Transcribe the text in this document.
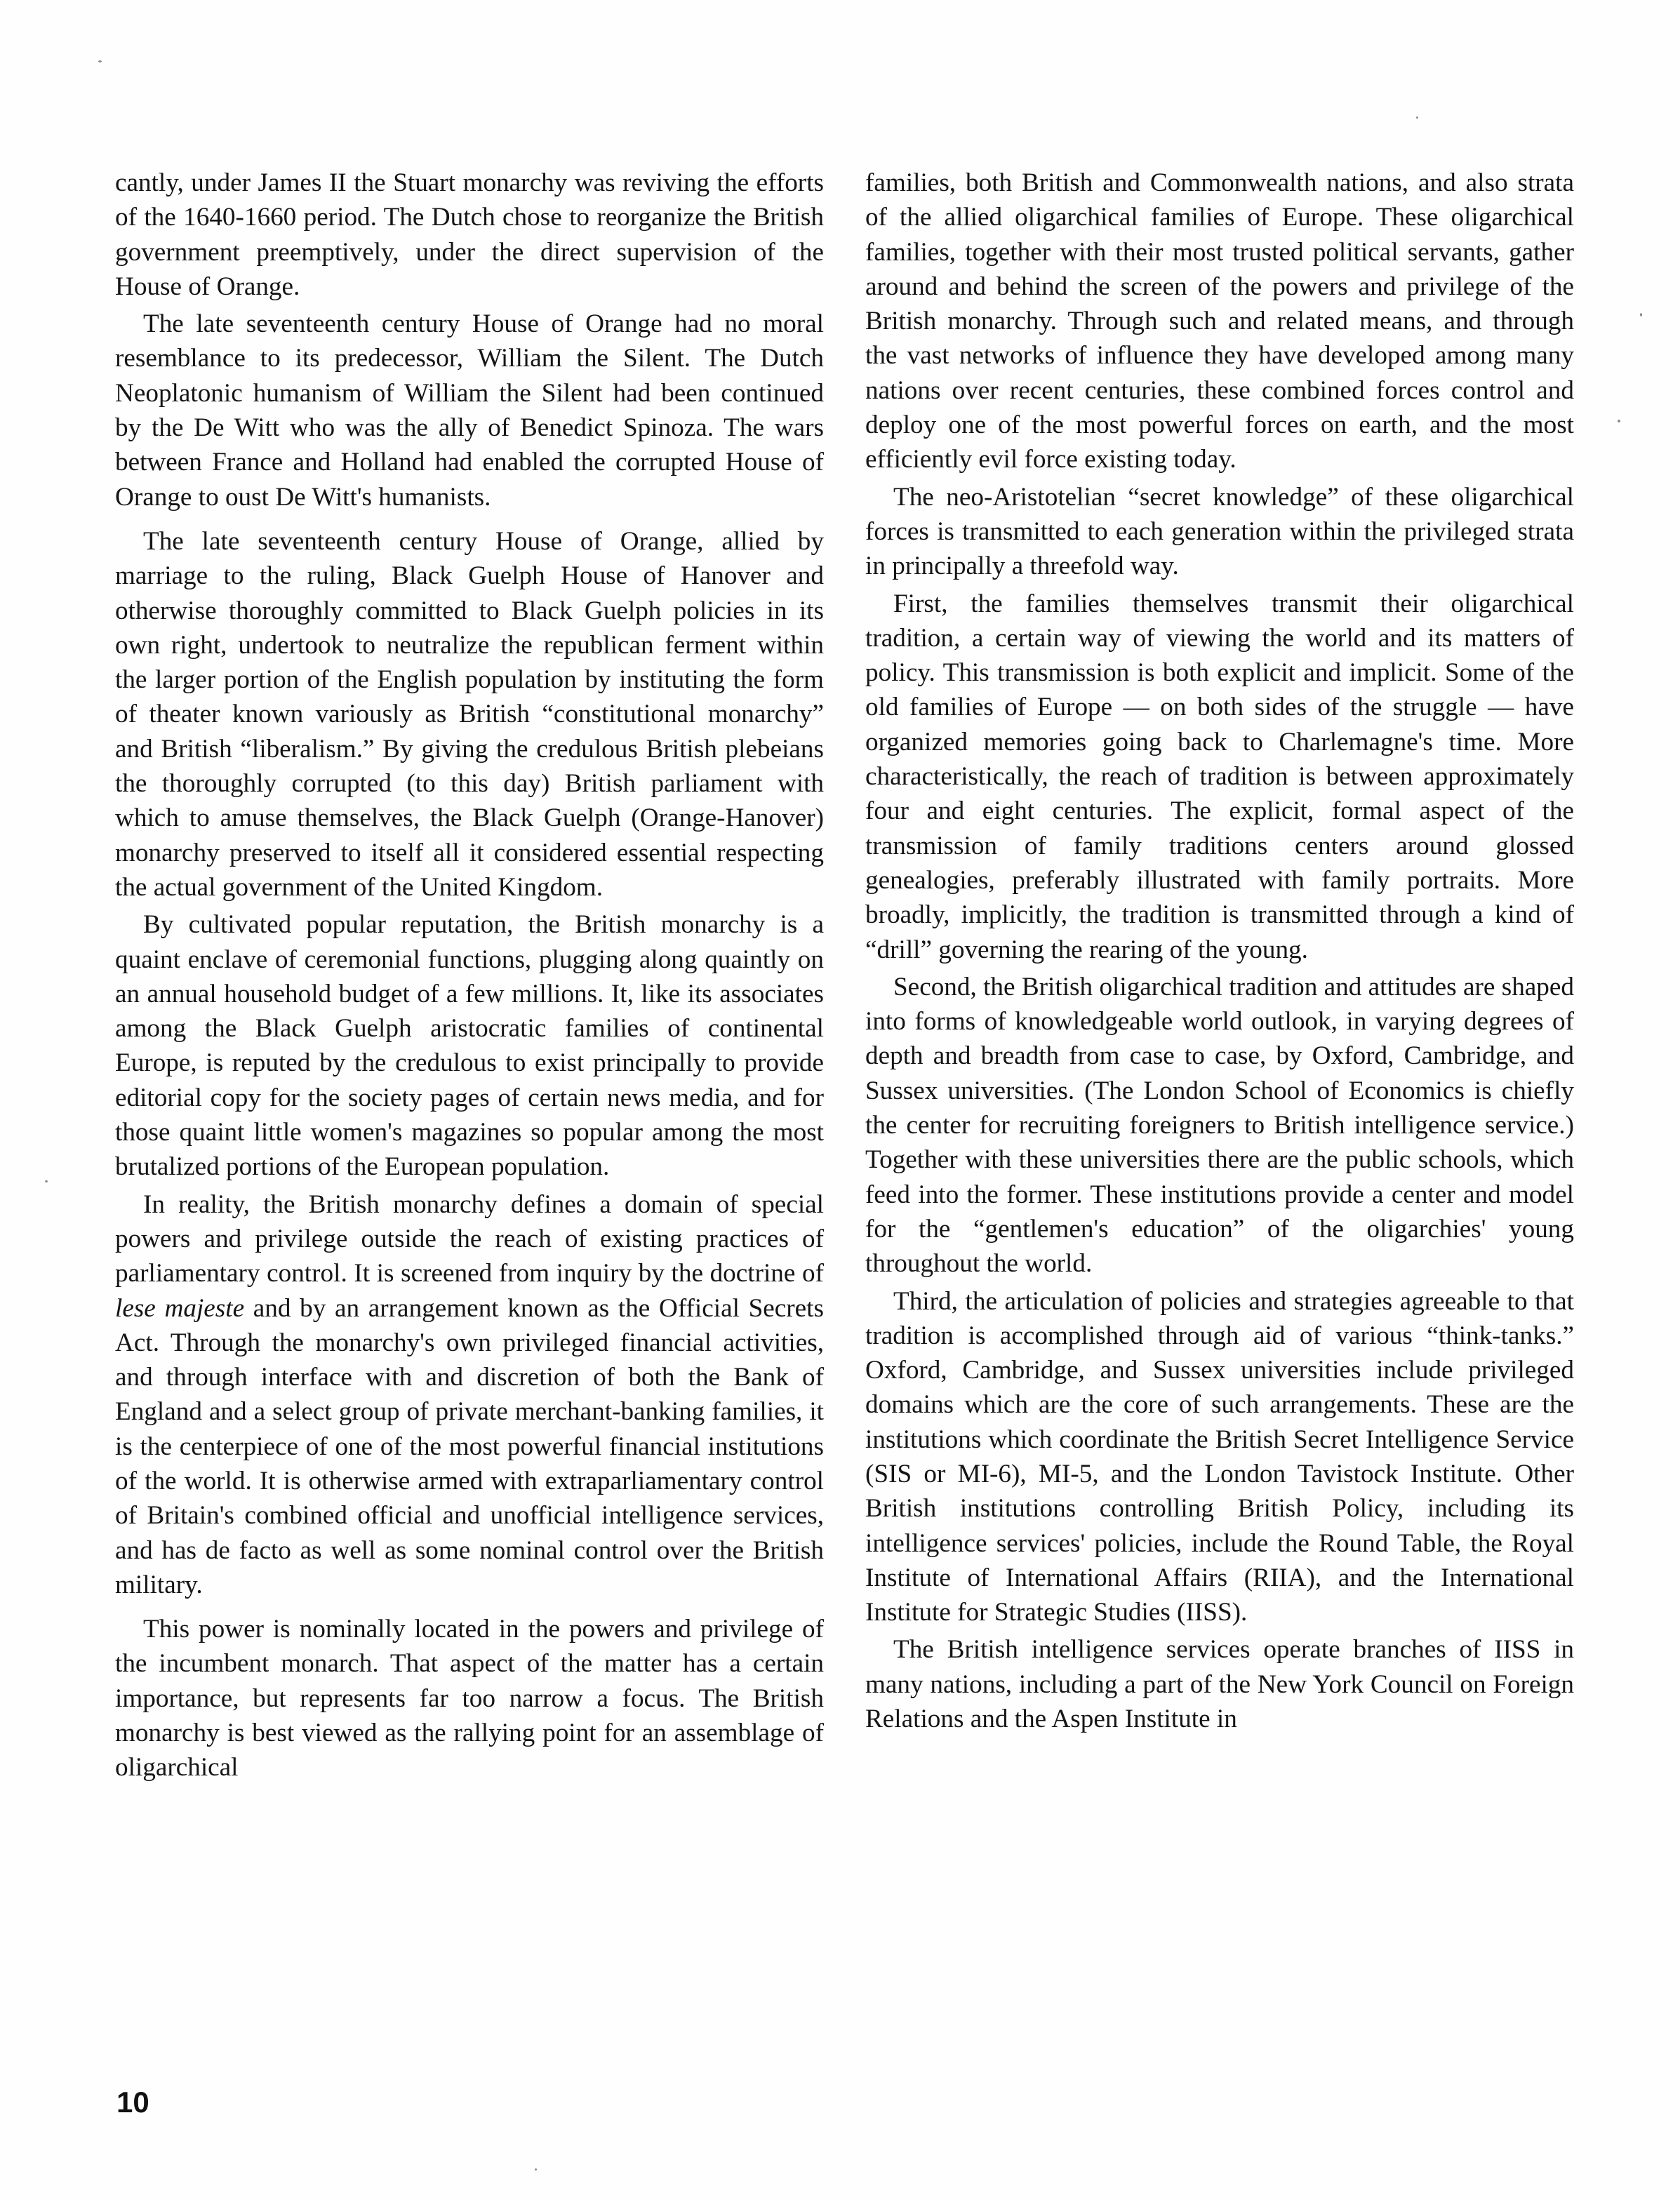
cantly, under James II the Stuart monarchy was reviving the efforts of the 1640-1660 period. The Dutch chose to reorganize the British government preemptively, under the direct supervision of the House of Orange.

The late seventeenth century House of Orange had no moral resemblance to its predecessor, William the Silent. The Dutch Neoplatonic humanism of William the Silent had been continued by the De Witt who was the ally of Benedict Spinoza. The wars between France and Holland had enabled the corrupted House of Orange to oust De Witt's humanists.

The late seventeenth century House of Orange, allied by marriage to the ruling, Black Guelph House of Hanover and otherwise thoroughly committed to Black Guelph policies in its own right, undertook to neutralize the republican ferment within the larger portion of the English population by instituting the form of theater known variously as British “constitutional monarchy” and British “liberalism.” By giving the credulous British plebeians the thoroughly corrupted (to this day) British parliament with which to amuse themselves, the Black Guelph (Orange-Hanover) monarchy preserved to itself all it considered essential respecting the actual government of the United Kingdom.

By cultivated popular reputation, the British monarchy is a quaint enclave of ceremonial functions, plugging along quaintly on an annual household budget of a few millions. It, like its associates among the Black Guelph aristocratic families of continental Europe, is reputed by the credulous to exist principally to provide editorial copy for the society pages of certain news media, and for those quaint little women's magazines so popular among the most brutalized portions of the European population.

In reality, the British monarchy defines a domain of special powers and privilege outside the reach of existing practices of parliamentary control. It is screened from inquiry by the doctrine of lese majeste and by an arrangement known as the Official Secrets Act. Through the monarchy's own privileged financial activities, and through interface with and discretion of both the Bank of England and a select group of private merchant-banking families, it is the centerpiece of one of the most powerful financial institutions of the world. It is otherwise armed with extraparliamentary control of Britain's combined official and unofficial intelligence services, and has de facto as well as some nominal control over the British military.

This power is nominally located in the powers and privilege of the incumbent monarch. That aspect of the matter has a certain importance, but represents far too narrow a focus. The British monarchy is best viewed as the rallying point for an assemblage of oligarchical

families, both British and Commonwealth nations, and also strata of the allied oligarchical families of Europe. These oligarchical families, together with their most trusted political servants, gather around and behind the screen of the powers and privilege of the British monarchy. Through such and related means, and through the vast networks of influence they have developed among many nations over recent centuries, these combined forces control and deploy one of the most powerful forces on earth, and the most efficiently evil force existing today.

The neo-Aristotelian “secret knowledge” of these oligarchical forces is transmitted to each generation within the privileged strata in principally a threefold way.

First, the families themselves transmit their oligarchical tradition, a certain way of viewing the world and its matters of policy. This transmission is both explicit and implicit. Some of the old families of Europe — on both sides of the struggle — have organized memories going back to Charlemagne's time. More characteristically, the reach of tradition is between approximately four and eight centuries. The explicit, formal aspect of the transmission of family traditions centers around glossed genealogies, preferably illustrated with family portraits. More broadly, implicitly, the tradition is transmitted through a kind of “drill” governing the rearing of the young.

Second, the British oligarchical tradition and attitudes are shaped into forms of knowledgeable world outlook, in varying degrees of depth and breadth from case to case, by Oxford, Cambridge, and Sussex universities. (The London School of Economics is chiefly the center for recruiting foreigners to British intelligence service.) Together with these universities there are the public schools, which feed into the former. These institutions provide a center and model for the “gentlemen's education” of the oligarchies' young throughout the world.

Third, the articulation of policies and strategies agreeable to that tradition is accomplished through aid of various “think-tanks.” Oxford, Cambridge, and Sussex universities include privileged domains which are the core of such arrangements. These are the institutions which coordinate the British Secret Intelligence Service (SIS or MI-6), MI-5, and the London Tavistock Institute. Other British institutions controlling British Policy, including its intelligence services' policies, include the Round Table, the Royal Institute of International Affairs (RIIA), and the International Institute for Strategic Studies (IISS).

The British intelligence services operate branches of IISS in many nations, including a part of the New York Council on Foreign Relations and the Aspen Institute in

10
